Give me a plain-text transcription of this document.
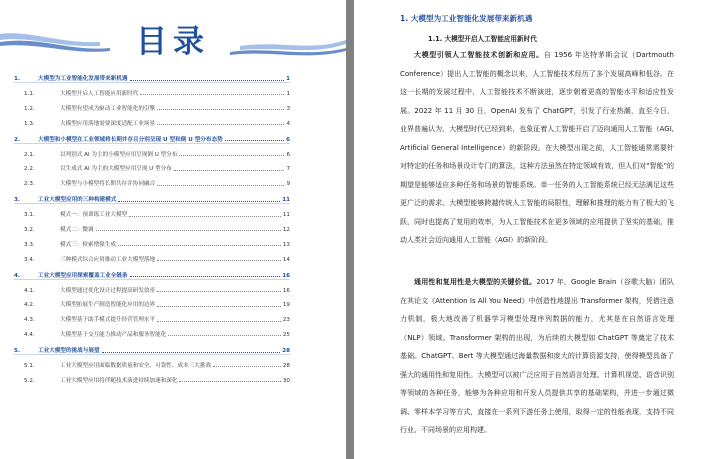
目录
1.	大模型为工业智能化发展带来新机遇	1
1.1.	大模型开启人工智能应用新时代	1
1.2.	大模型有望成为驱动工业智能化的引擎	3
1.3.	大模型应用落地需要深度适配工业场景	4
2.	大模型和小模型在工业领域将长期并存且分别呈现 U 型和倒 U 型分布态势	6
2.1.	以判别式 AI 为主的小模型应用呈现倒 U 型分布	6
2.2.	以生成式 AI 为主的大模型应用呈现 U 型分布	7
2.3.	大模型与小模型将长期共存并协同融合	9
3.	工业大模型应用的三种构建模式	11
3.1.	模式一：预训练工业大模型	11
3.2.	模式二：微调	12
3.3.	模式三：检索增强生成	13
3.4.	三种模式综合应用推动工业大模型落地	14
4.	工业大模型应用探索覆盖工业全链条	16
4.1.	大模型通过优化设计过程提高研发效率	16
4.2.	大模型拓展生产制造智能化应用的边界	19
4.3.	大模型基于助手模式提升经营管理水平	23
4.4.	大模型基于交互能力推动产品和服务智能化	25
5.	工业大模型的挑战与展望	28
5.1.	工业大模型应用面临数据质量和安全、可靠性、成本三大挑战	28
5.2.	工业大模型应用将伴随技术演进持续加速和深化	30
1. 大模型为工业智能化发展带来新机遇
1.1. 大模型开启人工智能应用新时代

大模型引领人工智能技术创新和应用。自 1956 年达特茅斯会议（Dartmouth Conference）提出人工智能的概念以来，人工智能技术经历了多个发展高峰和低谷。在这一长期的发展过程中，人工智能技术不断演进，逐步朝着更高的智能水平和适应性发展。2022 年 11 月 30 日，OpenAI 发布了 ChatGPT，引发了行业热潮，直至今日，业界普遍认为，大模型时代已经到来，也象征着人工智能开启了迈向通用人工智能（AGI, Artificial General Intelligence）的新阶段。在大模型出现之前，人工智能通常需要针对特定的任务和场景设计专门的算法，这种方法虽然在特定领域有效，但人们对"智能"的期望是能够适应多种任务和场景的智能系统。单一任务的人工智能系统已经无法满足这些更广泛的需求。大模型能够跨越传统人工智能的局限性，理解和推理的能力有了极大的飞跃，同时也提高了复用的效率，为人工智能技术在更多领域的应用提供了坚实的基础，推动人类社会迈向通用人工智能（AGI）的新阶段。

通用性和复用性是大模型的关键价值。2017 年，Google Brain（谷歌大脑）团队在其论文《Attention Is All You Need》中创造性地提出 Transformer 架构，凭借注意力机制，极大地改善了机器学习模型处理序列数据的能力，尤其是在自然语言处理（NLP）领域。Transformer 架构的出现，为后续的大模型如 ChatGPT 等奠定了技术基础。ChatGPT、Bert 等大模型通过海量数据和庞大的计算资源支持，使得模型具备了强大的通用性和复用性。大模型可以被广泛应用于自然语言处理、计算机视觉、语音识别等领域的各种任务，能够为各种应用和开发人员提供共享的基础架构，并进一步通过微调、零样本学习等方式，直接在一系列下游任务上使用，取得一定的性能表现，支持不同行业、不同场景的应用构建。
